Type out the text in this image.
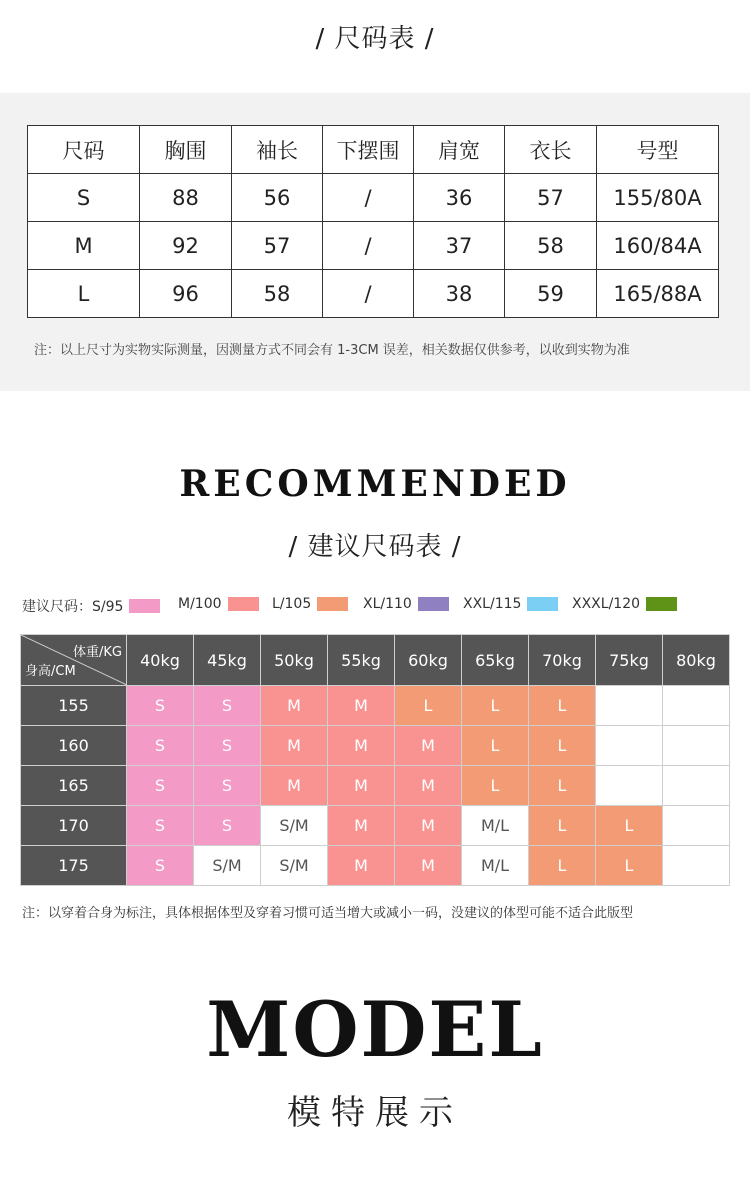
/ 尺码表 /
尺码	胸围	袖长	下摆围	肩宽	衣长	号型
S	88	56	/	36	57	155/80A
M	92	57	/	37	58	160/84A
L	96	58	/	38	59	165/88A
注：以上尺寸为实物实际测量，因测量方式不同会有 1-3CM 误差，相关数据仅供参考，以收到实物为准
RECOMMENDED
/ 建议尺码表 /
建议尺码：S/95	M/100	L/105	XL/110	XXL/115	XXXL/120
体重/KG
身高/CM	40kg	45kg	50kg	55kg	60kg	65kg	70kg	75kg	80kg
155	S	S	M	M	L	L	L		
160	S	S	M	M	M	L	L		
165	S	S	M	M	M	L	L		
170	S	S	S/M	M	M	M/L	L	L	
175	S	S/M	S/M	M	M	M/L	L	L	
注：以穿着合身为标注，具体根据体型及穿着习惯可适当增大或减小一码，没建议的体型可能不适合此版型
MODEL
模特展示
